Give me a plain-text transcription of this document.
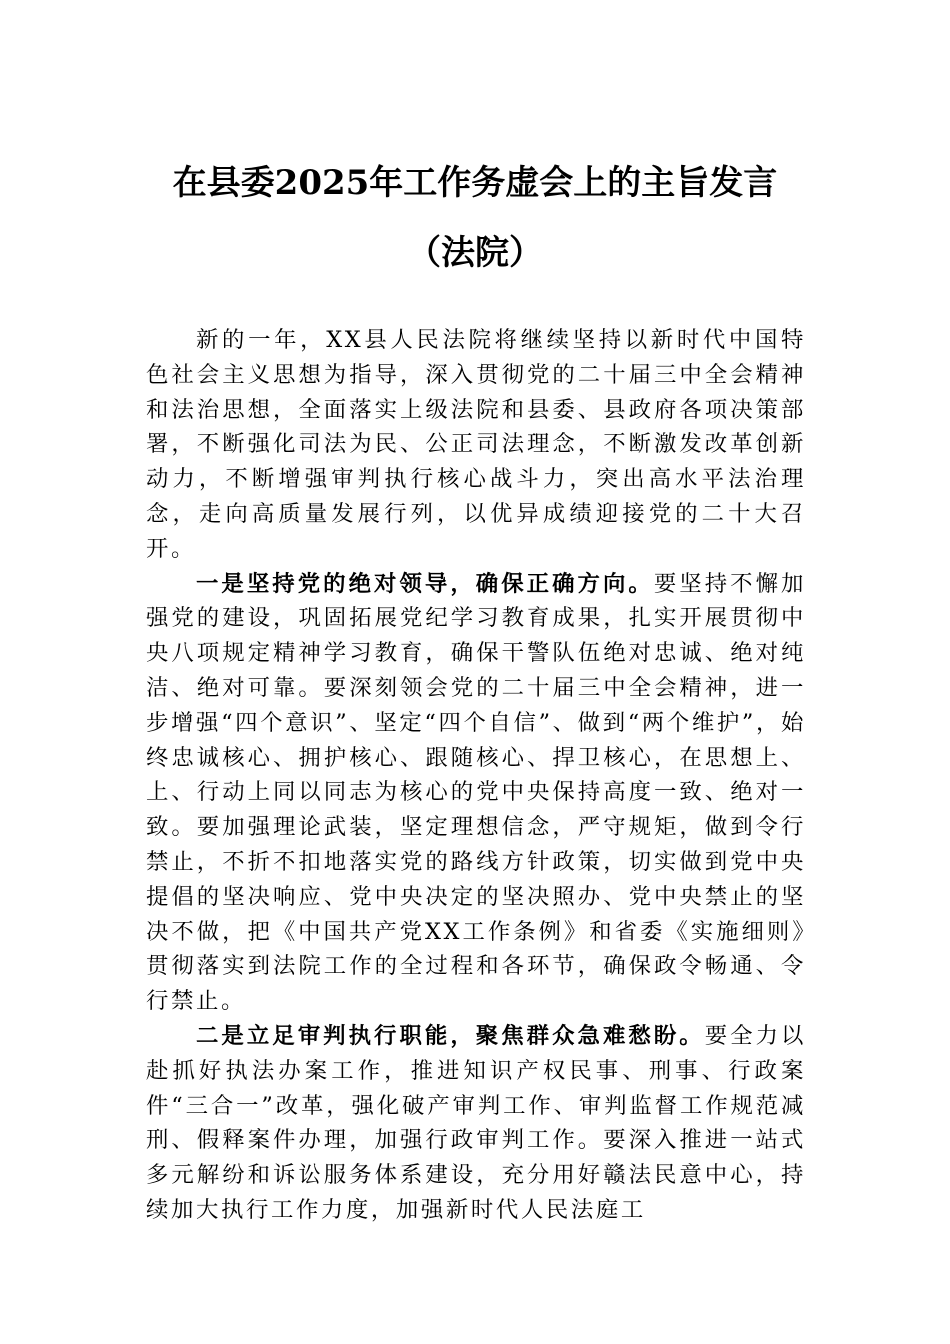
在县委2025年工作务虚会上的主旨发言
（法院）

新的一年，XX县人民法院将继续坚持以新时代中国特色社会主义思想为指导，深入贯彻党的二十届三中全会精神和法治思想，全面落实上级法院和县委、县政府各项决策部署，不断强化司法为民、公正司法理念，不断激发改革创新动力，不断增强审判执行核心战斗力，突出高水平法治理念，走向高质量发展行列，以优异成绩迎接党的二十大召开。

一是坚持党的绝对领导，确保正确方向。要坚持不懈加强党的建设，巩固拓展党纪学习教育成果，扎实开展贯彻中央八项规定精神学习教育，确保干警队伍绝对忠诚、绝对纯洁、绝对可靠。要深刻领会党的二十届三中全会精神，进一步增强“四个意识”、坚定“四个自信”、做到“两个维护”，始终忠诚核心、拥护核心、跟随核心、捍卫核心，在思想上、上、行动上同以同志为核心的党中央保持高度一致、绝对一致。要加强理论武装，坚定理想信念，严守规矩，做到令行禁止，不折不扣地落实党的路线方针政策，切实做到党中央提倡的坚决响应、党中央决定的坚决照办、党中央禁止的坚决不做，把《中国共产党XX工作条例》和省委《实施细则》贯彻落实到法院工作的全过程和各环节，确保政令畅通、令行禁止。

二是立足审判执行职能，聚焦群众急难愁盼。要全力以赴抓好执法办案工作，推进知识产权民事、刑事、行政案件“三合一”改革，强化破产审判工作、审判监督工作规范减刑、假释案件办理，加强行政审判工作。要深入推进一站式多元解纷和诉讼服务体系建设，充分用好赣法民意中心，持续加大执行工作力度，加强新时代人民法庭工
